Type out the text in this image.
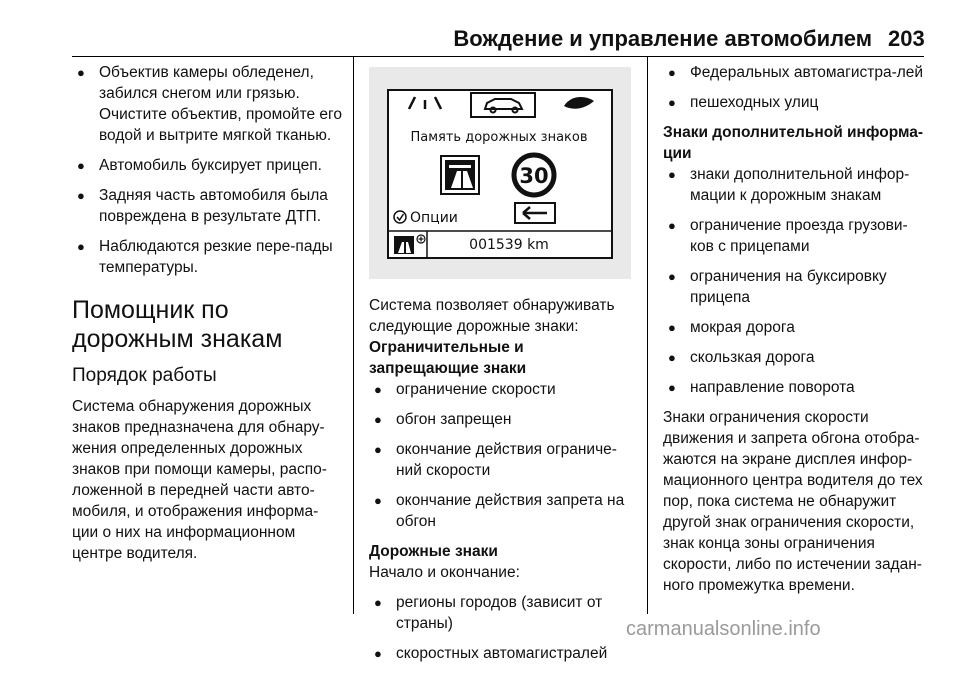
Вождение и управление автомобилем 203
● Объектив камеры обледенел, забился снегом или грязью. Очистите объектив, промойте его водой и вытрите мягкой тканью.
● Автомобиль буксирует прицеп.
● Задняя часть автомобиля была повреждена в результате ДТП.
● Наблюдаются резкие пере-пады температуры.
Помощник по дорожным знакам
Порядок работы

Система обнаружения дорожных знаков предназначена для обнару-жения определенных дорожных знаков при помощи камеры, распо-ложенной в передней части авто-мобиля, и отображения информа-ции о них на информационном центре водителя.

Память дорожных знаков
30
Опции
001539 km

Система позволяет обнаруживать следующие дорожные знаки:

Ограничительные и запрещающие знаки

● ограничение скорости
● обгон запрещен
● окончание действия ограниче-ний скорости
● окончание действия запрета на обгон

Дорожные знаки

Начало и окончание:

● регионы городов (зависит от страны)
● скоростных автомагистралей
● Федеральных автомагистра-лей
● пешеходных улиц

Знаки дополнительной информа-ции

● знаки дополнительной инфор-мации к дорожным знакам
● ограничение проезда грузови-ков с прицепами
● ограничения на буксировку прицепа
● мокрая дорога
● скользкая дорога
● направление поворота

Знаки ограничения скорости движения и запрета обгона отобра-жаются на экране дисплея инфор-мационного центра водителя до тех пор, пока система не обнаружит другой знак ограничения скорости, знак конца зоны ограничения скорости, либо по истечении задан-ного промежутка времени.

carmanualsonline.info
